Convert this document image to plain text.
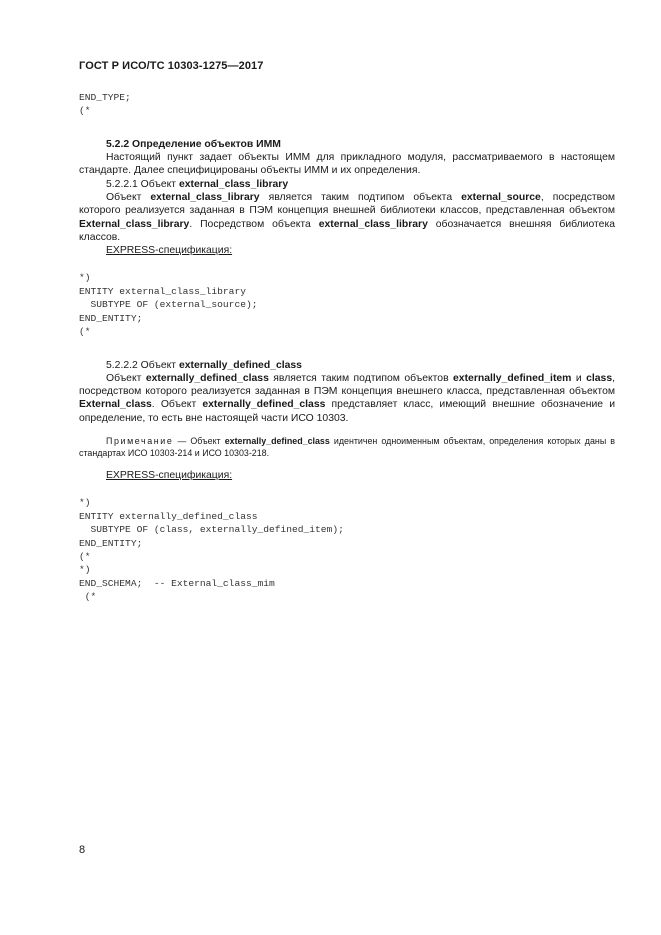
ГОСТ Р ИСО/ТС 10303-1275—2017
END_TYPE;
(*
5.2.2 Определение объектов ИММ
Настоящий пункт задает объекты ИММ для прикладного модуля, рассматриваемого в настоящем стандарте. Далее специфицированы объекты ИММ и их определения.
5.2.2.1 Объект external_class_library
Объект external_class_library является таким подтипом объекта external_source, посредством которого реализуется заданная в ПЭМ концепция внешней библиотеки классов, представленная объектом External_class_library. Посредством объекта external_class_library обозначается внешняя библиотека классов.
EXPRESS-спецификация:
*)
ENTITY external_class_library
SUBTYPE OF (external_source);
END_ENTITY;
(*
5.2.2.2 Объект externally_defined_class
Объект externally_defined_class является таким подтипом объектов externally_defined_item и class, посредством которого реализуется заданная в ПЭМ концепция внешнего класса, представленная объектом External_class. Объект externally_defined_class представляет класс, имеющий внешние обозначение и определение, то есть вне настоящей части ИСО 10303.
Примечание — Объект externally_defined_class идентичен одноименным объектам, определения которых даны в стандартах ИСО 10303-214 и ИСО 10303-218.
EXPRESS-спецификация:
*)
ENTITY externally_defined_class
SUBTYPE OF (class, externally_defined_item);
END_ENTITY;
(*
*)
END_SCHEMA;  -- External_class_mim
(*
8
